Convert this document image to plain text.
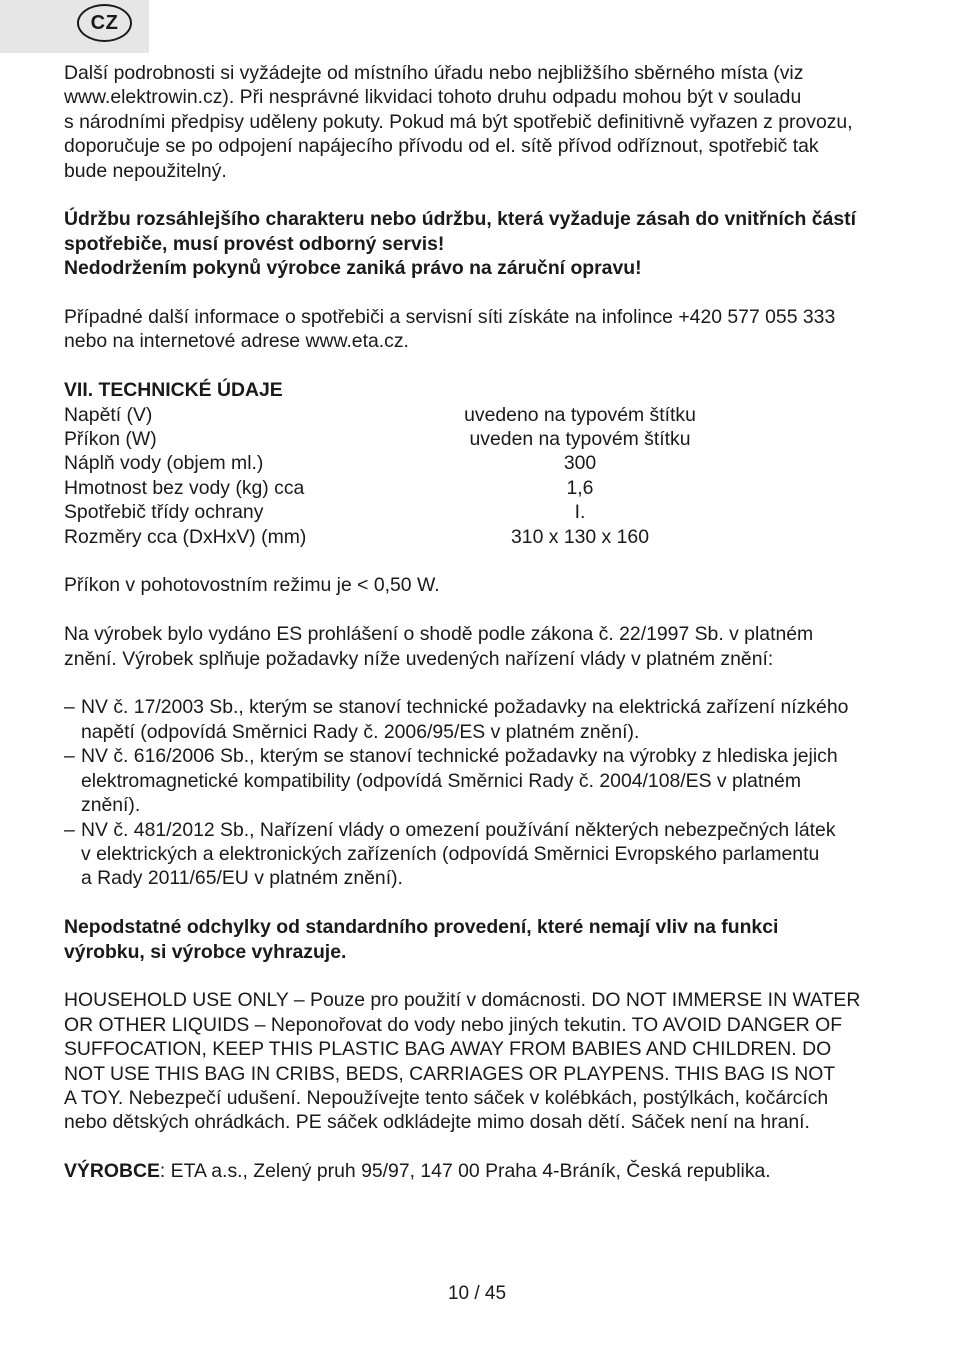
CZ

Další podrobnosti si vyžádejte od místního úřadu nebo nejbližšího sběrného místa (viz

www.elektrowin.cz). Při nesprávné likvidaci tohoto druhu odpadu mohou být v souladu

s národními předpisy uděleny pokuty. Pokud má být spotřebič definitivně vyřazen z provozu,

doporučuje se po odpojení napájecího přívodu od el. sítě přívod odříznout, spotřebič tak

bude nepoužitelný.

Údržbu rozsáhlejšího charakteru nebo údržbu, která vyžaduje zásah do vnitřních částí

spotřebiče, musí provést odborný servis!

Nedodržením pokynů výrobce zaniká právo na záruční opravu!

Případné další informace o spotřebiči a servisní síti získáte na infolince +420 577 055 333

nebo na internetové adrese www.eta.cz.

VII. TECHNICKÉ ÚDAJE

Napětí (V)	uvedeno na typovém štítku
Příkon (W)	uveden na typovém štítku
Náplň vody (objem ml.)	300
Hmotnost bez vody (kg) cca	1,6
Spotřebič třídy ochrany	I.
Rozměry cca (DxHxV) (mm)	310 x 130 x 160

Příkon v pohotovostním režimu je < 0,50 W.

Na výrobek bylo vydáno ES prohlášení o shodě podle zákona č. 22/1997 Sb. v platném

znění. Výrobek splňuje požadavky níže uvedených nařízení vlády v platném znění:

– NV č. 17/2003 Sb., kterým se stanoví technické požadavky na elektrická zařízení nízkého

napětí (odpovídá Směrnici Rady č. 2006/95/ES v platném znění).

– NV č. 616/2006 Sb., kterým se stanoví technické požadavky na výrobky z hlediska jejich

elektromagnetické kompatibility (odpovídá Směrnici Rady č. 2004/108/ES v platném

znění).

– NV č. 481/2012 Sb., Nařízení vlády o omezení používání některých nebezpečných látek

v elektrických a elektronických zařízeních (odpovídá Směrnici Evropského parlamentu

a Rady 2011/65/EU v platném znění).

Nepodstatné odchylky od standardního provedení, které nemají vliv na funkci

výrobku, si výrobce vyhrazuje.

HOUSEHOLD USE ONLY – Pouze pro použití v domácnosti. DO NOT IMMERSE IN WATER

OR OTHER LIQUIDS – Neponořovat do vody nebo jiných tekutin. TO AVOID DANGER OF

SUFFOCATION, KEEP THIS PLASTIC BAG AWAY FROM BABIES AND CHILDREN. DO

NOT USE THIS BAG IN CRIBS, BEDS, CARRIAGES OR PLAYPENS. THIS BAG IS NOT

A TOY. Nebezpečí udušení. Nepoužívejte tento sáček v kolébkách, postýlkách, kočárcích

nebo dětských ohrádkách. PE sáček odkládejte mimo dosah dětí. Sáček není na hraní.

VÝROBCE: ETA a.s., Zelený pruh 95/97, 147 00 Praha 4-Bráník, Česká republika.

10 / 45
